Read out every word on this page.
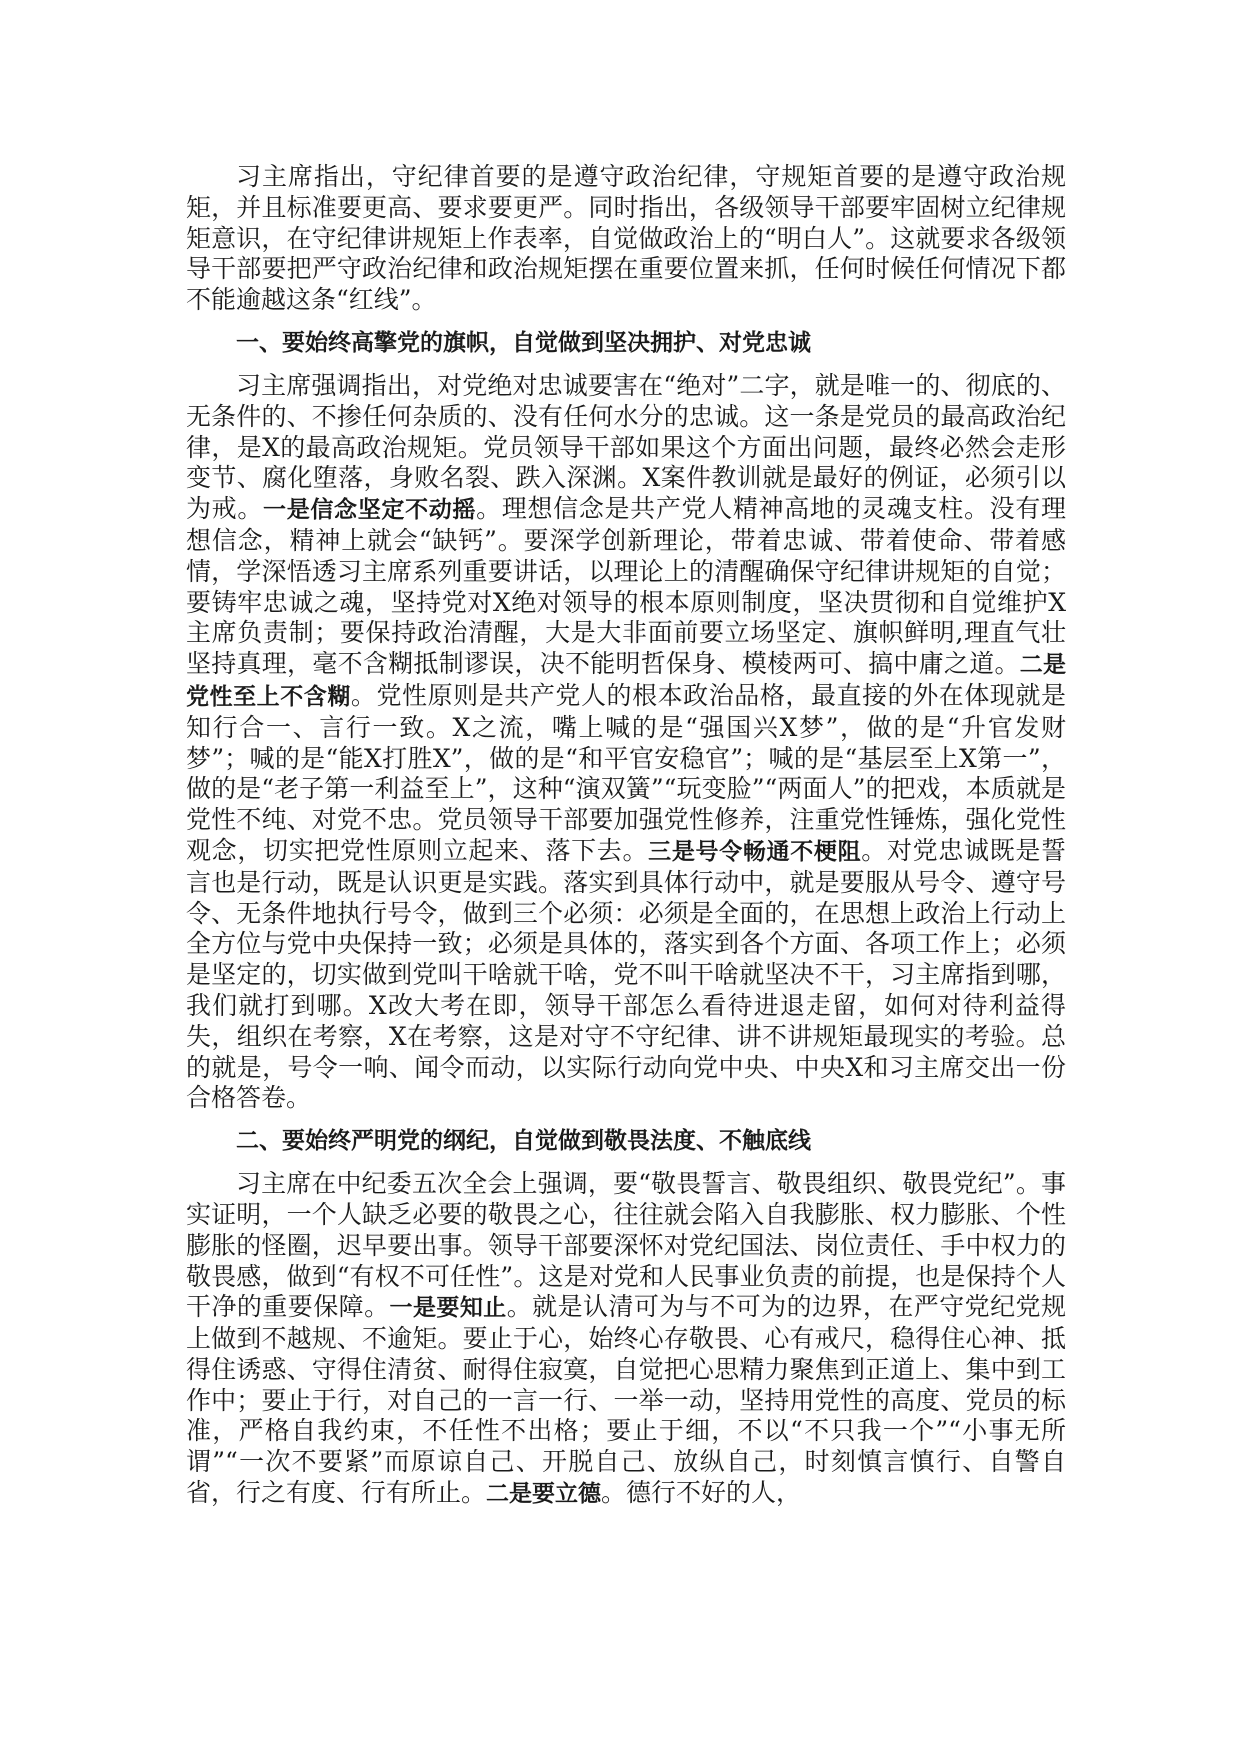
习主席指出，守纪律首要的是遵守政治纪律，守规矩首要的是遵守政治规矩，并且标准要更高、要求要更严。同时指出，各级领导干部要牢固树立纪律规矩意识，在守纪律讲规矩上作表率，自觉做政治上的“明白人”。这就要求各级领导干部要把严守政治纪律和政治规矩摆在重要位置来抓，任何时候任何情况下都不能逾越这条“红线”。

一、要始终高擎党的旗帜，自觉做到坚决拥护、对党忠诚

习主席强调指出，对党绝对忠诚要害在“绝对”二字，就是唯一的、彻底的、无条件的、不掺任何杂质的、没有任何水分的忠诚。这一条是党员的最高政治纪律，是X的最高政治规矩。党员领导干部如果这个方面出问题，最终必然会走形变节、腐化堕落，身败名裂、跌入深渊。X案件教训就是最好的例证，必须引以为戒。一是信念坚定不动摇。理想信念是共产党人精神高地的灵魂支柱。没有理想信念，精神上就会“缺钙”。要深学创新理论，带着忠诚、带着使命、带着感情，学深悟透习主席系列重要讲话，以理论上的清醒确保守纪律讲规矩的自觉；要铸牢忠诚之魂，坚持党对X绝对领导的根本原则制度，坚决贯彻和自觉维护X主席负责制；要保持政治清醒，大是大非面前要立场坚定、旗帜鲜明,理直气壮坚持真理，毫不含糊抵制谬误，决不能明哲保身、模棱两可、搞中庸之道。二是党性至上不含糊。党性原则是共产党人的根本政治品格，最直接的外在体现就是知行合一、言行一致。X之流，嘴上喊的是“强国兴X梦”，做的是“升官发财梦”；喊的是“能X打胜X”，做的是“和平官安稳官”；喊的是“基层至上X第一”，做的是“老子第一利益至上”，这种“演双簧”“玩变脸”“两面人”的把戏，本质就是党性不纯、对党不忠。党员领导干部要加强党性修养，注重党性锤炼，强化党性观念，切实把党性原则立起来、落下去。三是号令畅通不梗阻。对党忠诚既是誓言也是行动，既是认识更是实践。落实到具体行动中，就是要服从号令、遵守号令、无条件地执行号令，做到三个必须：必须是全面的，在思想上政治上行动上全方位与党中央保持一致；必须是具体的，落实到各个方面、各项工作上；必须是坚定的，切实做到党叫干啥就干啥，党不叫干啥就坚决不干，习主席指到哪，我们就打到哪。X改大考在即，领导干部怎么看待进退走留，如何对待利益得失，组织在考察，X在考察，这是对守不守纪律、讲不讲规矩最现实的考验。总的就是，号令一响、闻令而动，以实际行动向党中央、中央X和习主席交出一份合格答卷。

二、要始终严明党的纲纪，自觉做到敬畏法度、不触底线

习主席在中纪委五次全会上强调，要“敬畏誓言、敬畏组织、敬畏党纪”。事实证明，一个人缺乏必要的敬畏之心，往往就会陷入自我膨胀、权力膨胀、个性膨胀的怪圈，迟早要出事。领导干部要深怀对党纪国法、岗位责任、手中权力的敬畏感，做到“有权不可任性”。这是对党和人民事业负责的前提，也是保持个人干净的重要保障。一是要知止。就是认清可为与不可为的边界，在严守党纪党规上做到不越规、不逾矩。要止于心，始终心存敬畏、心有戒尺，稳得住心神、抵得住诱惑、守得住清贫、耐得住寂寞，自觉把心思精力聚焦到正道上、集中到工作中；要止于行，对自己的一言一行、一举一动，坚持用党性的高度、党员的标准，严格自我约束，不任性不出格；要止于细，不以“不只我一个”“小事无所谓”“一次不要紧”而原谅自己、开脱自己、放纵自己，时刻慎言慎行、自警自省，行之有度、行有所止。二是要立德。德行不好的人，
